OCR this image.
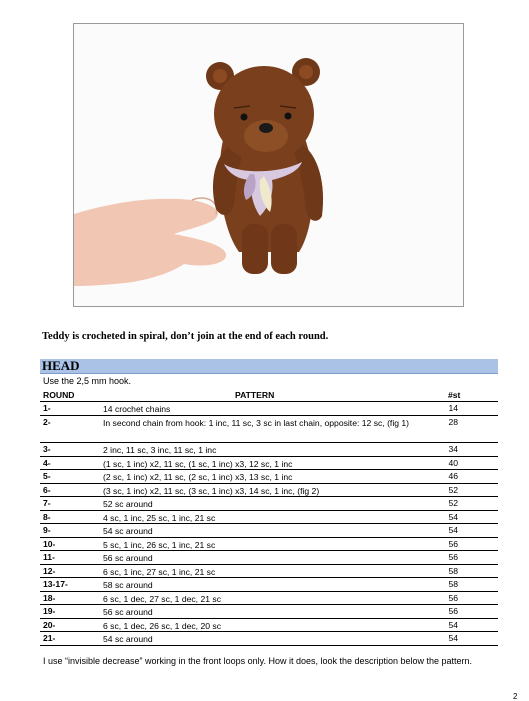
Teddy is crocheted in spiral, don’t join at the end of each round.
HEAD
Use the 2,5 mm hook.
ROUND	PATTERN	#st
1-	14 crochet chains	14
2-	In second chain from hook: 1 inc, 11 sc, 3 sc in last chain, opposite: 12 sc, (fig 1)	28
3-	2 inc, 11 sc, 3 inc, 11 sc, 1 inc	34
4-	(1 sc, 1 inc) x2, 11 sc, (1 sc, 1 inc) x3, 12 sc, 1 inc	40
5-	(2 sc, 1 inc) x2, 11 sc, (2 sc, 1 inc) x3, 13 sc, 1 inc	46
6-	(3 sc, 1 inc) x2, 11 sc, (3 sc, 1 inc) x3, 14 sc, 1 inc, (fig 2)	52
7-	52 sc around	52
8-	4 sc, 1 inc, 25 sc, 1 inc, 21 sc	54
9-	54 sc around	54
10-	5 sc, 1 inc, 26 sc, 1 inc, 21 sc	56
11-	56 sc around	56
12-	6 sc, 1 inc, 27 sc, 1 inc, 21 sc	58
13-17-	58 sc around	58
18-	6 sc, 1 dec, 27 sc, 1 dec, 21 sc	56
19-	56 sc around	56
20-	6 sc, 1 dec, 26 sc, 1 dec, 20 sc	54
21-	54 sc around	54
I use “invisible decrease” working in the front loops only. How it does, look the description below the pattern.
2
